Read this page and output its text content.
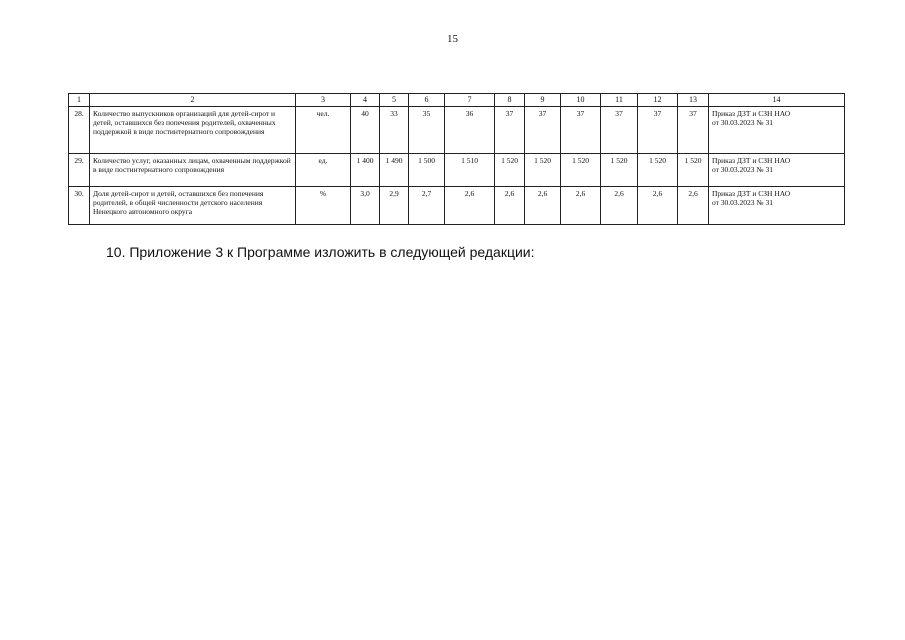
15
1	2	3	4	5	6	7	8	9	10	11	12	13	14
28.	Количество выпускников организаций для детей-сирот и детей, оставшихся без попечения родителей, охваченных поддержкой в виде постинтернатного сопровождения	чел.	40	33	35	36	37	37	37	37	37	37	Приказ ДЗТ и СЗН НАО
от 30.03.2023 № 31

29.	Количество услуг, оказанных лицам, охваченным поддержкой в виде постинтернатного сопровождения	ед.	1 400	1 490	1 500	1 510	1 520	1 520	1 520	1 520	1 520	1 520	Приказ ДЗТ и СЗН НАО
от 30.03.2023 № 31

30.	Доля детей-сирот и детей, оставшихся без попечения родителей, в общей численности детского населения Ненецкого автономного округа	%	3,0	2,9	2,7	2,6	2,6	2,6	2,6	2,6	2,6	2,6	Приказ ДЗТ и СЗН НАО
от 30.03.2023 № 31
10. Приложение 3 к Программе изложить в следующей редакции:
